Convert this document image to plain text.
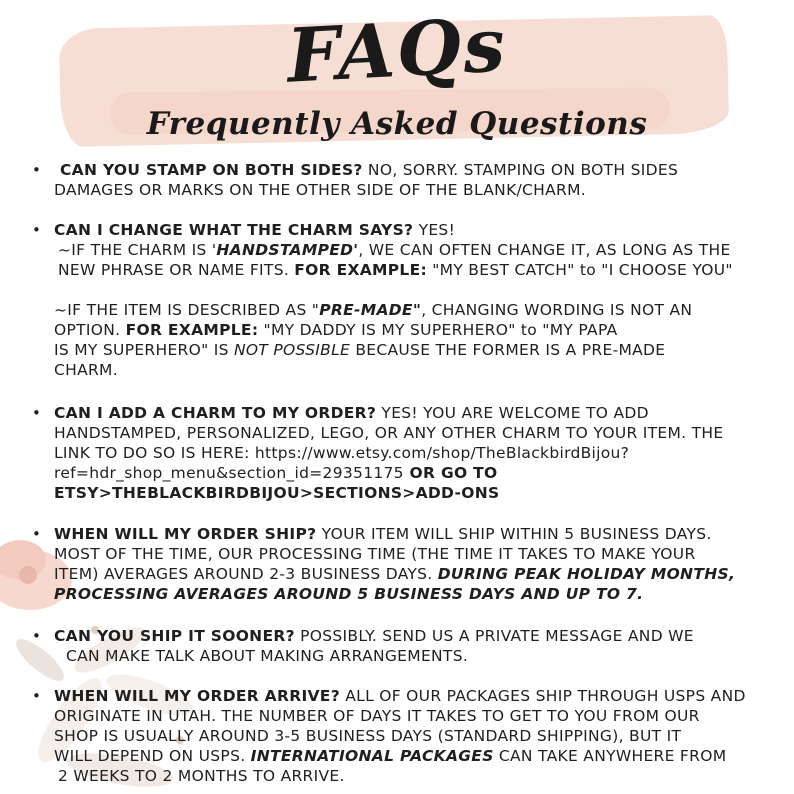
FAQs
Frequently Asked Questions
•	CAN YOU STAMP ON BOTH SIDES? NO, SORRY. STAMPING ON BOTH SIDES
DAMAGES OR MARKS ON THE OTHER SIDE OF THE BLANK/CHARM.
• CAN I CHANGE WHAT THE CHARM SAYS? YES!
~IF THE CHARM IS 'HANDSTAMPED', WE CAN OFTEN CHANGE IT, AS LONG AS THE
NEW PHRASE OR NAME FITS. FOR EXAMPLE: "MY BEST CATCH" to "I CHOOSE YOU"
~IF THE ITEM IS DESCRIBED AS "PRE-MADE", CHANGING WORDING IS NOT AN
OPTION. FOR EXAMPLE: "MY DADDY IS MY SUPERHERO" to "MY PAPA
IS MY SUPERHERO" IS NOT POSSIBLE BECAUSE THE FORMER IS A PRE-MADE
CHARM.
• CAN I ADD A CHARM TO MY ORDER? YES! YOU ARE WELCOME TO ADD
HANDSTAMPED, PERSONALIZED, LEGO, OR ANY OTHER CHARM TO YOUR ITEM. THE
LINK TO DO SO IS HERE: https://www.etsy.com/shop/TheBlackbirdBijou?
ref=hdr_shop_menu&section_id=29351175 OR GO TO
ETSY>THEBLACKBIRDBIJOU>SECTIONS>ADD-ONS
• WHEN WILL MY ORDER SHIP? YOUR ITEM WILL SHIP WITHIN 5 BUSINESS DAYS.
MOST OF THE TIME, OUR PROCESSING TIME (THE TIME IT TAKES TO MAKE YOUR
ITEM) AVERAGES AROUND 2-3 BUSINESS DAYS. DURING PEAK HOLIDAY MONTHS,
PROCESSING AVERAGES AROUND 5 BUSINESS DAYS AND UP TO 7.
• CAN YOU SHIP IT SOONER? POSSIBLY. SEND US A PRIVATE MESSAGE AND WE
CAN MAKE TALK ABOUT MAKING ARRANGEMENTS.
• WHEN WILL MY ORDER ARRIVE? ALL OF OUR PACKAGES SHIP THROUGH USPS AND
ORIGINATE IN UTAH. THE NUMBER OF DAYS IT TAKES TO GET TO YOU FROM OUR
SHOP IS USUALLY AROUND 3-5 BUSINESS DAYS (STANDARD SHIPPING), BUT IT
WILL DEPEND ON USPS. INTERNATIONAL PACKAGES CAN TAKE ANYWHERE FROM
2 WEEKS TO 2 MONTHS TO ARRIVE.
